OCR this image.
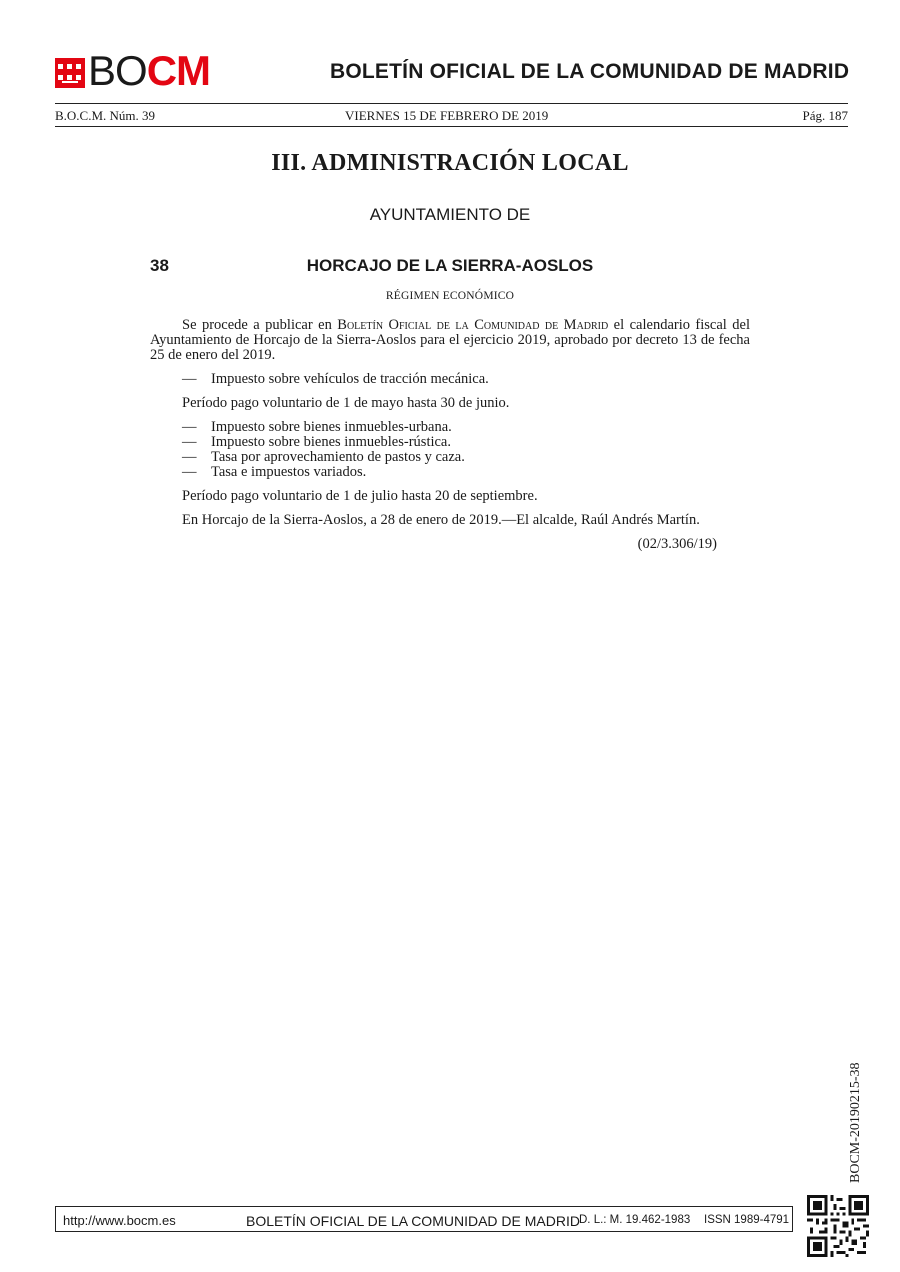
BOCM	BOLETÍN OFICIAL DE LA COMUNIDAD DE MADRID
B.O.C.M. Núm. 39	VIERNES 15 DE FEBRERO DE 2019	Pág. 187
III. ADMINISTRACIÓN LOCAL
AYUNTAMIENTO DE
38	HORCAJO DE LA SIERRA-AOSLOS
RÉGIMEN ECONÓMICO

Se procede a publicar en Boletín Oficial de la Comunidad de Madrid el calendario fiscal del Ayuntamiento de Horcajo de la Sierra-Aoslos para el ejercicio 2019, aprobado por decreto 13 de fecha 25 de enero del 2019.

— Impuesto sobre vehículos de tracción mecánica.

Período pago voluntario de 1 de mayo hasta 30 de junio.

— Impuesto sobre bienes inmuebles-urbana.
— Impuesto sobre bienes inmuebles-rústica.
— Tasa por aprovechamiento de pastos y caza.
— Tasa e impuestos variados.

Período pago voluntario de 1 de julio hasta 20 de septiembre.

En Horcajo de la Sierra-Aoslos, a 28 de enero de 2019.—El alcalde, Raúl Andrés Martín.

(02/3.306/19)
BOCM-20190215-38
http://www.bocm.es	BOLETÍN OFICIAL DE LA COMUNIDAD DE MADRID D. L.: M. 19.462-1983 ISSN 1989-4791
